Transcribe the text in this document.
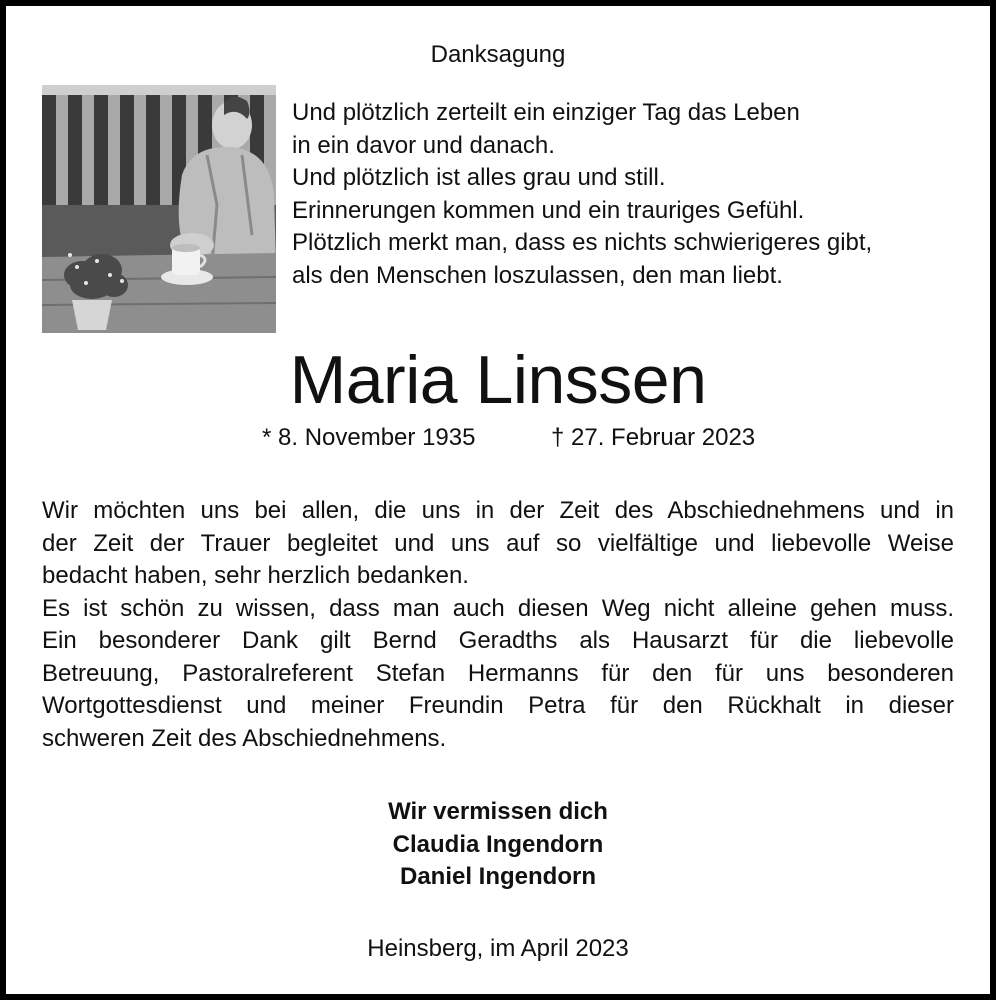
Danksagung
Und plötzlich zerteilt ein einziger Tag das Leben
in ein davor und danach.
Und plötzlich ist alles grau und still.
Erinnerungen kommen und ein trauriges Gefühl.
Plötzlich merkt man, dass es nichts schwierigeres gibt,
als den Menschen loszulassen, den man liebt.
Maria Linssen
* 8. November 1935	† 27. Februar 2023
Wir möchten uns bei allen, die uns in der Zeit des Abschiednehmens und in
der Zeit der Trauer begleitet und uns auf so vielfältige und liebevolle Weise
bedacht haben, sehr herzlich bedanken.
Es ist schön zu wissen, dass man auch diesen Weg nicht alleine gehen muss.
Ein besonderer Dank gilt Bernd Geradths als Hausarzt für die liebevolle
Betreuung, Pastoralreferent Stefan Hermanns für den für uns besonderen
Wortgottesdienst und meiner Freundin Petra für den Rückhalt in dieser
schweren Zeit des Abschiednehmens.
Wir vermissen dich
Claudia Ingendorn
Daniel Ingendorn
Heinsberg, im April 2023
